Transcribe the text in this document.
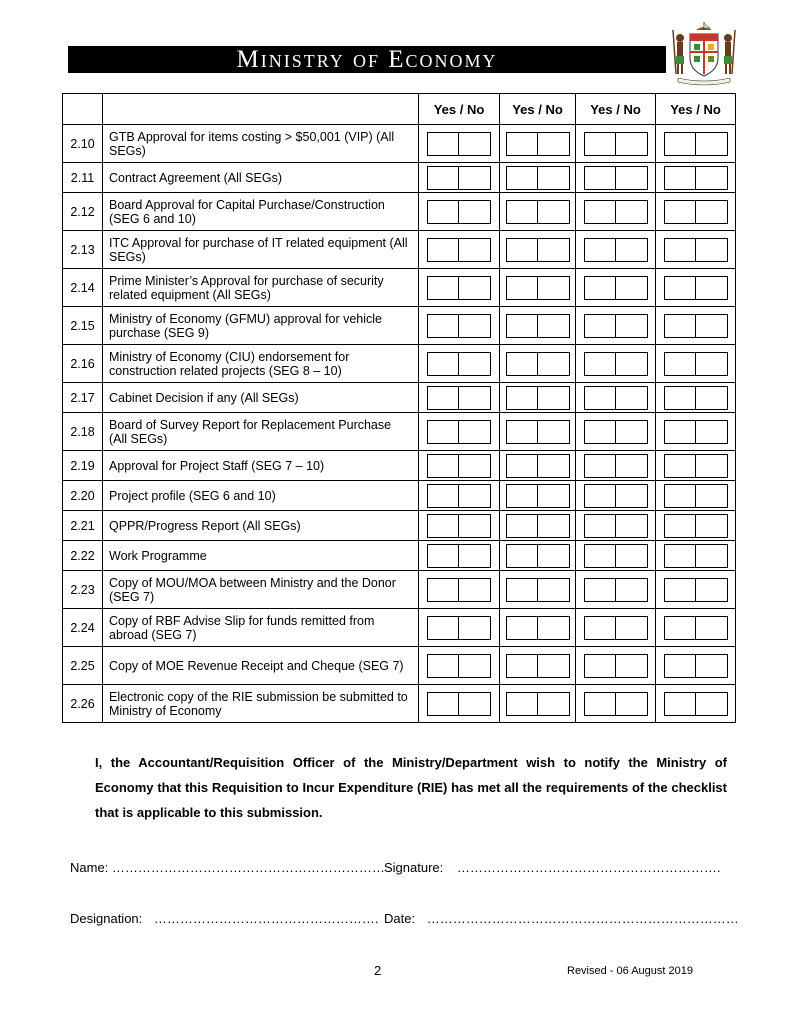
Ministry of Economy
		Yes / No	Yes / No	Yes / No	Yes / No
2.10	GTB Approval for items costing > $50,001 (VIP) (All SEGs)	

2.11	Contract Agreement (All SEGs)	

2.12	Board Approval for Capital Purchase/Construction (SEG 6 and 10)	

2.13	ITC Approval for purchase of IT related equipment (All SEGs)	

2.14	Prime Minister’s Approval for purchase of security related equipment (All SEGs)	

2.15	Ministry of Economy (GFMU) approval for vehicle purchase (SEG 9)	

2.16	Ministry of Economy (CIU) endorsement for construction related projects (SEG 8 – 10)	

2.17	Cabinet Decision if any (All SEGs)	

2.18	Board of Survey Report for Replacement Purchase (All SEGs)	

2.19	Approval for Project Staff (SEG 7 – 10)	

2.20	Project profile (SEG 6 and 10)	

2.21	QPPR/Progress Report (All SEGs)	

2.22	Work Programme	

2.23	Copy of MOU/MOA between Ministry and the Donor (SEG 7)	

2.24	Copy of RBF Advise Slip for funds remitted from abroad (SEG 7)	

2.25	Copy of MOE Revenue Receipt and Cheque (SEG 7)	

2.26	Electronic copy of the RIE submission be submitted to Ministry of Economy	

I, the Accountant/Requisition Officer of the Ministry/Department wish to notify the Ministry of Economy that this Requisition to Incur Expenditure (RIE) has met all the requirements of the checklist that is applicable to this submission.
Name: ……………………………………………………… Signature: …………………………………………………….
Designation: ……………………………………………. Date: ………………………………………………………………
2	Revised - 06 August 2019
